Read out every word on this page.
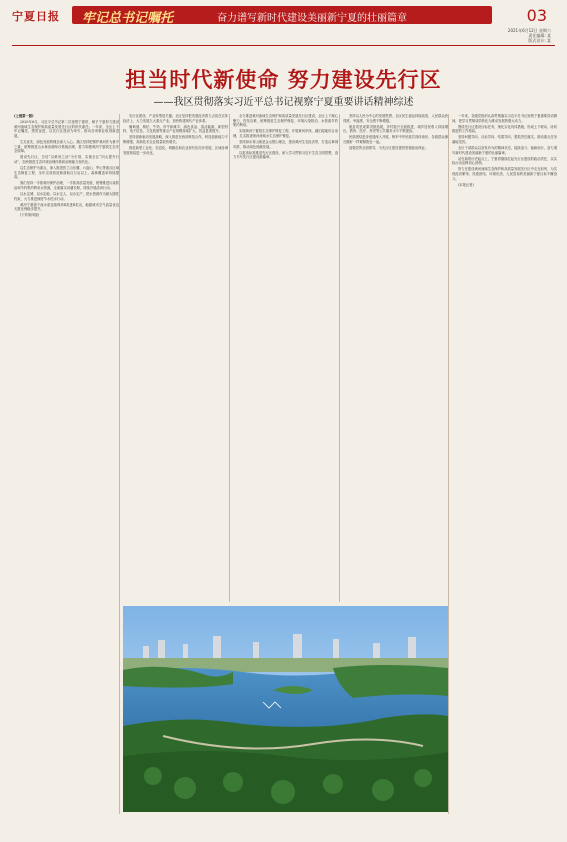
宁夏日报 牢记总书记嘱托	奋力谱写新时代建设美丽新宁夏的壮丽篇章	03
2021年6月12日 星期六
责任编辑: 某
版式设计: 某
担当时代新使命 努力建设先行区
——我区贯彻落实习近平总书记视察宁夏重要讲话精神综述

(上接第一版)

2020年6月，习近平总书记第二次视察宁夏时，赋予宁夏努力建设黄河流域生态保护和高质量发展先行区的时代重任。一年来，全区上下牢记嘱托、感恩奋进，以先行区建设为牵引，推动各项事业取得新进展。

生态优先、绿色发展的理念深入人心。我区坚持把保护黄河作为重中之重，统筹推进山水林田湖草沙系统治理，着力构建黄河宁夏段生态安全屏障。

建设先行区，总结“以黄河之治”为引领，实施全区“四大提升行动”，加快推进生态环境治理体系和治理能力现代化。

以生态保护为重点，深入推进贺兰山东麓、六盘山、罗山等重点区域生态修复工程，全年完成营造林面积百万亩以上，森林覆盖率持续提高。

我们坚持一手抓黄河保护治理，一手抓高质量发展，统筹推进污染防治和节约集约利用水资源，全面落实河湖长制，持续开展清河行动。

以水定城、以水定地、以水定人、以水定产，把水资源作为最大刚性约束，大力推进深度节水控水行动。

黄河宁夏段干流水质连续保持Ⅱ类进Ⅱ类出，地级城市空气质量优良天数比例稳步提升。

(下转第四版)

先行区建设，产业转型是关键。全区坚持把发展经济着力点放在实体经济上，大力发展九大重点产业，加快构建现代产业体系。

葡萄酒、枸杞、牛奶、肉牛和滩羊、绿色食品、清洁能源、新型材料、电子信息、文化旅游等重点产业规模持续扩大，效益显著提升。

坚持创新驱动发展战略，深入推进东西部科技合作，科技创新能力不断增强，高新技术企业数量较快增长。

推进新型工业化、信息化、城镇化和农业现代化同步发展，区域协调发展格局进一步优化。

全力推进黄河流域生态保护和高质量发展先行区建设，全区上下凝心聚力，攻坚克难，统筹推进生态保护修复、环境污染防治、水资源节约集约利用。

实施黄河宁夏段生态保护修复工程，开展黄河岸线、湖泊湿地综合治理，扎实推进黄河流域水生态保护修复。

坚持绿水青山就是金山银山理念，建设黄河生态经济带，打造沿黄城市群，推动绿色低碳发展。

以更高标准推进先行区建设，深入学习贯彻习近平生态文明思想，奋力书写先行区建设新篇章。

坚持以人民为中心的发展思想，全区民生福祉持续改善，人民群众获得感、幸福感、安全感不断增强。

脱贫攻坚成果巩固拓展，乡村振兴全面推进，城乡居民收入持续增长，教育、医疗、养老等公共服务水平不断提高。

民族团结进步创建深入开展，铸牢中华民族共同体意识，各族群众像石榴籽一样紧紧抱在一起。

加强党的全面领导，为先行区建设提供坚强政治保证。

一年来，各级党组织认真贯彻落实习近平总书记视察宁夏重要讲话精神，把学习贯彻成效转化为推动发展的强大动力。

围绕先行区建设目标任务，细化实化具体措施，形成上下联动、协同推进的工作格局。

坚持问题导向、目标导向、结果导向，狠抓责任落实，推动重点任务落地见效。

全区干部群众以奋发有为的精神状态，接续奋斗、砥砺前行，奋力谱写新时代建设美丽新宁夏的壮丽篇章。

站在新的历史起点上，宁夏将继续扛起先行区建设的政治责任，以实际行动诠释初心使命。

努力在建设黄河流域生态保护和高质量发展先行区中走在前列，为实现经济繁荣、民族团结、环境优美、人民富裕的美丽新宁夏目标不懈奋斗。

(本报记者)
